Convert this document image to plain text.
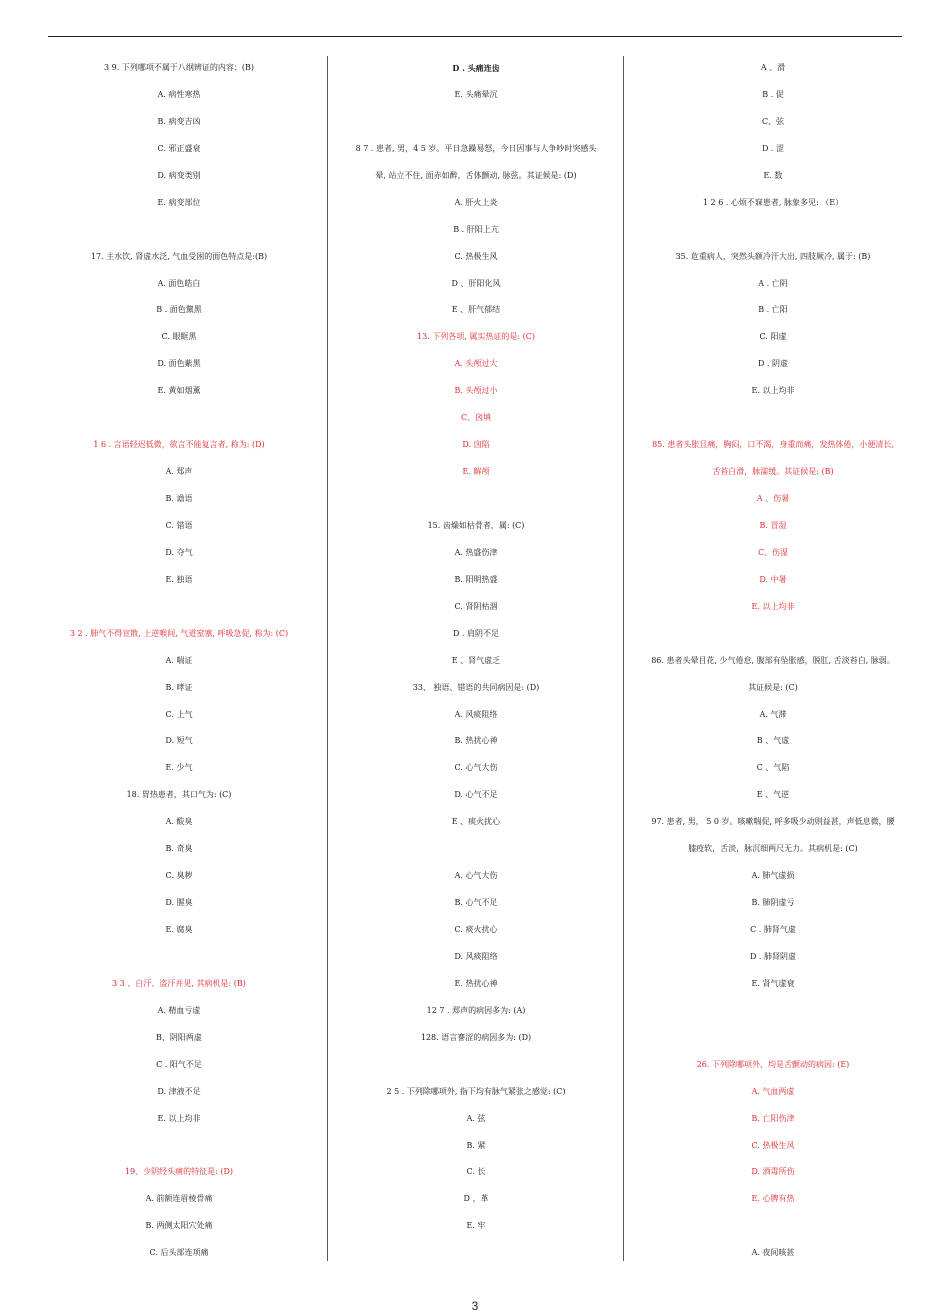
3 9. 下列哪项不属于八纲辨证的内容：(B)
A. 病性寒热
B. 病变吉凶
C. 邪正盛衰
D. 病变类别
E. 病变部位
17. 主水饮, 肾虚水泛, 气血受困的面色特点是:(B)
A. 面色皓白
B . 面色黧黑
C. 眼眶黑
D. 面色紫黑
E. 黄如烟薰
1 6 . 言语轻迟低微，欲言不能复言者, 称为: (D)
A. 郑声
B. 谵语
C. 错语
D. 夺气
E. 独语
3 2 . 肺气不得宣散, 上逆喉间, 气道窒塞, 呼吸急促, 称为: (C)
A. 喘证
B. 哮证
C. 上气
D. 短气
E. 少气
18. 胃热患者，其口气为: (C)
A. 酸臭
B. 奇臭
C. 臭秽
D. 腥臭
E. 腐臭
3 3 、白汗、盗汗并见, 其病机是: (B)
A. 精血亏虚
B、阴阳两虚
C . 阳气不足
D. 津液不足
E. 以上均非
19、少阴经头痛的特征是: (D)
A. 前额连眉棱骨痛
B. 两侧太阳穴处痛
C. 后头部连项痛
D . 头痛连齿
E. 头痛晕沉
8 7 . 患者, 男，4 5 岁。平日急躁易怒，今日因事与人争吵时突感头
晕, 站立不住, 面赤如醉，舌体颤动, 脉弦。其证候是: (D)
A. 肝火上炎
B . 肝阳上亢
C. 热极生风
D 、肝阳化风
E 、肝气郁结
13. 下列各项, 属实热证的是: (C)
A. 头颅过大
B. 头颅过小
C、囟填
D. 囟陷
E. 解颅
15. 齿燥如枯骨者，属: (C)
A. 热盛伤津
B. 阳明热盛
C. 肾阴枯涸
D . 肩阴不足
E 、肾气虚乏
33、 独语、错语的共同病因是: (D)
A. 风痰阻络
B. 热扰心神
C. 心气大伤
D. 心气不足
E 、痰火扰心
A. 心气大伤
B. 心气不足
C. 痰火扰心
D. 风痰阻络
E. 热扰心神
12 7 . 郑声的病因多为: (A)
128. 语言謇涩的病因多为: (D)
2 5 . 下列除哪项外, 指下均有脉气紧张之感觉: (C)
A. 弦
B. 紧
C. 长
D 、革
E. 牢
A 、滑
B . 促
C、弦
D . 涩
E. 数
1 2 6 . 心烦不寐患者, 脉象多见: （E）
35. 危重病人，突然头额冷汗大出, 四肢厥冷, 属于: (B)
A . 亡阴
B . 亡阳
C. 阳虚
D . 阴虚
E. 以上均非
85. 患者头胀且痛，胸闷，口不渴，身重而痛，发热体倦，小便清长,
舌苔白滑，脉濡缓。其证候是: (B)
A 、伤暑
B. 冒湿
C、伤湿
D. 中暑
E. 以上均非
86. 患者头晕目花, 少气倦怠, 腹部有坠胀感，脱肛, 舌淡苔白, 脉弱。
其证候是: (C)
A. 气滞
B 、气虚
C 、气陷
E 、气逆
97. 患者, 男， 5 0 岁。咳嗽喘促, 呼多吸少动则益甚，声低息微，腰
膝疫软，舌淡，脉沉细两尺无力。其病机是: (C)
A. 肺气虚损
B. 肺阴虚亏
C . 肺肾气虚
D . 肺肾阴虚
E. 肾气虚衰
26. 下列除哪项外，均是舌颤动的病因: (E)
A. 气血两虚
B. 亡阳伤津
C. 热极生风
D. 酒毒所伤
E. 心脾有热
A. 夜间咳甚
3
